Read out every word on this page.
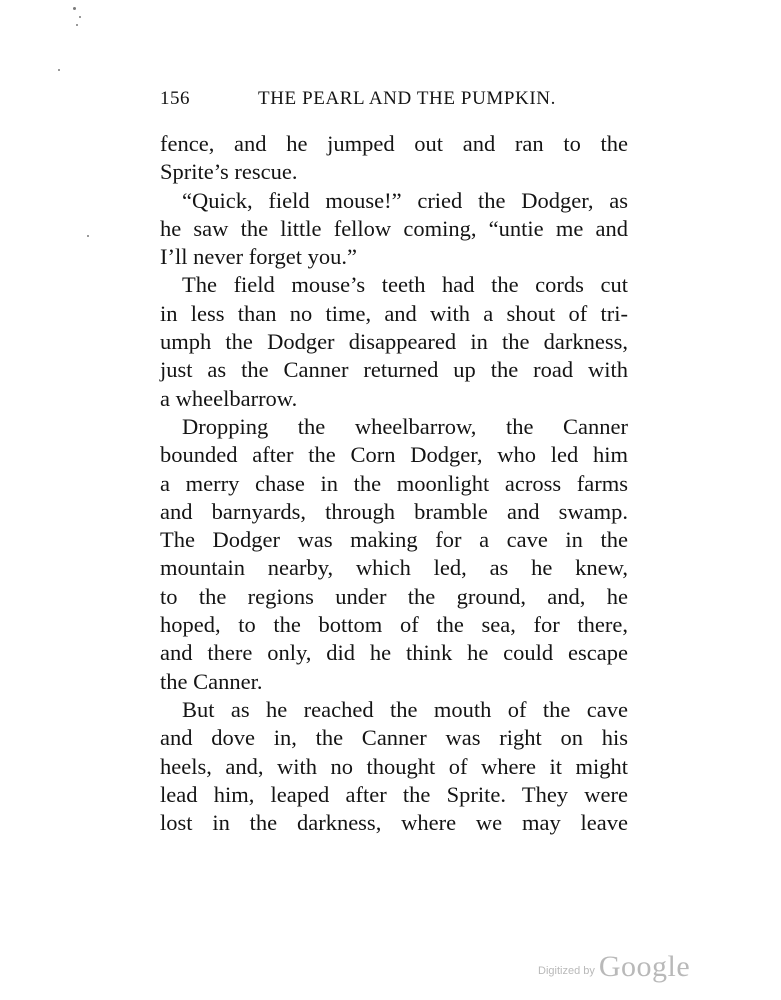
156	THE PEARL AND THE PUMPKIN.
fence, and he jumped out and ran to the
Sprite’s rescue.
“Quick, field mouse!” cried the Dodger, as
he saw the little fellow coming, “untie me and
I’ll never forget you.”
The field mouse’s teeth had the cords cut
in less than no time, and with a shout of tri-
umph the Dodger disappeared in the darkness,
just as the Canner returned up the road with
a wheelbarrow.
Dropping the wheelbarrow, the Canner
bounded after the Corn Dodger, who led him
a merry chase in the moonlight across farms
and barnyards, through bramble and swamp.
The Dodger was making for a cave in the
mountain nearby, which led, as he knew,
to the regions under the ground, and, he
hoped, to the bottom of the sea, for there,
and there only, did he think he could escape
the Canner.
But as he reached the mouth of the cave
and dove in, the Canner was right on his
heels, and, with no thought of where it might
lead him, leaped after the Sprite. They were
lost in the darkness, where we may leave
Digitized by Google
